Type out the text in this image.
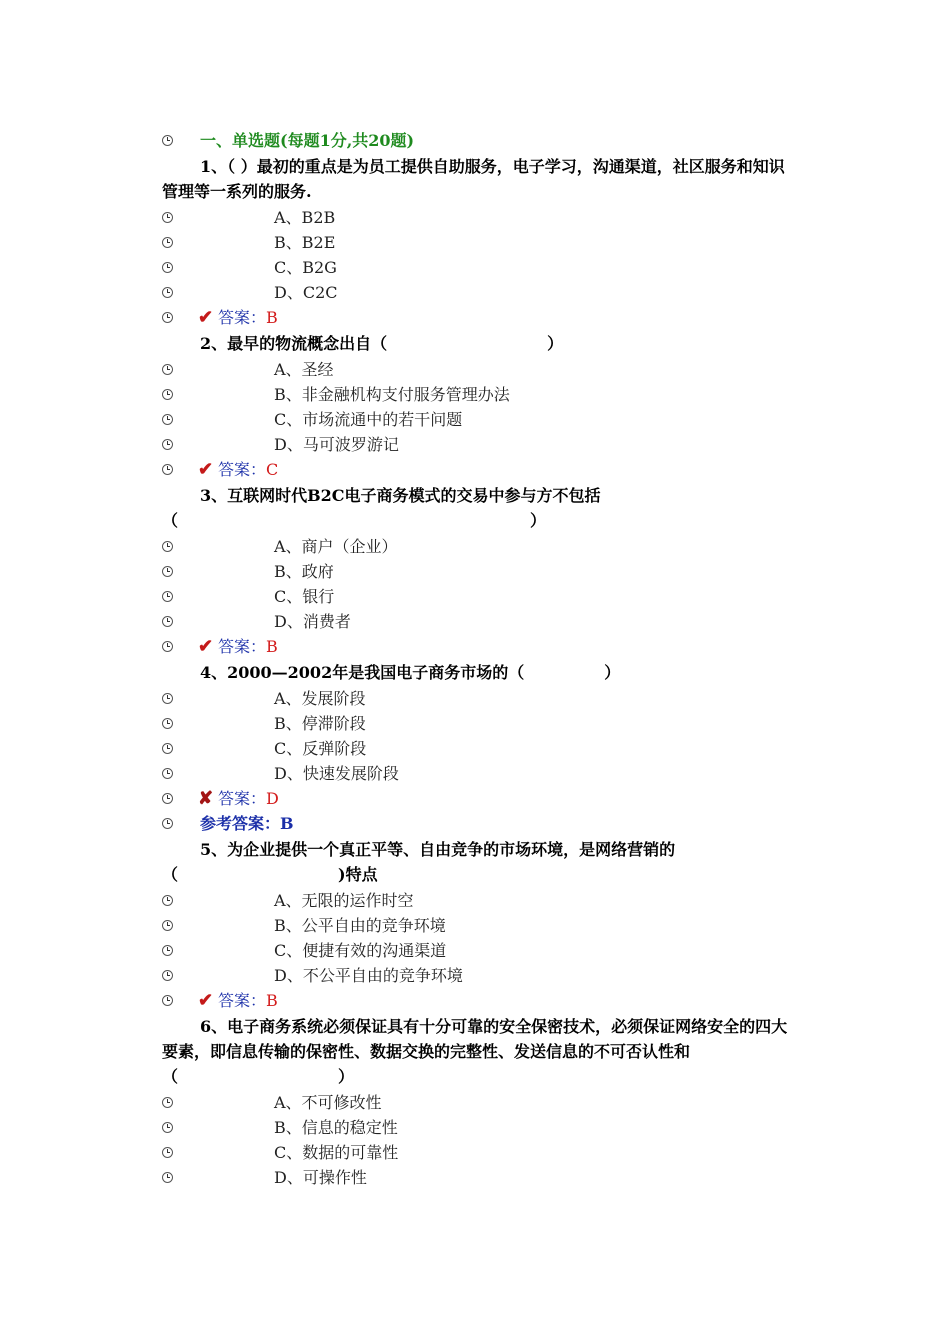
一、单选题(每题1分,共20题)
1、（ ）最初的重点是为员工提供自助服务，电子学习，沟通渠道，社区服务和知识管理等一系列的服务.
A、B2B
B、B2E
C、B2G
D、C2C
✔ 答案：B
2、最早的物流概念出自（　　　　　　　　　　）
A、圣经
B、非金融机构支付服务管理办法
C、市场流通中的若干问题
D、马可波罗游记
✔ 答案：C
3、互联网时代B2C电子商务模式的交易中参与方不包括（　　　　　　　　　　　　　　　　　　　　　　）
A、商户（企业）
B、政府
C、银行
D、消费者
✔ 答案：B
4、2000—2002年是我国电子商务市场的（　　　　　）
A、发展阶段
B、停滞阶段
C、反弹阶段
D、快速发展阶段
✘ 答案：D
参考答案：B
5、为企业提供一个真正平等、自由竞争的市场环境，是网络营销的（　　　　　　　　　　)特点
A、无限的运作时空
B、公平自由的竞争环境
C、便捷有效的沟通渠道
D、不公平自由的竞争环境
✔ 答案：B
6、电子商务系统必须保证具有十分可靠的安全保密技术，必须保证网络安全的四大要素，即信息传输的保密性、数据交换的完整性、发送信息的不可否认性和（　　　　　　　　　　）
A、不可修改性
B、信息的稳定性
C、数据的可靠性
D、可操作性
